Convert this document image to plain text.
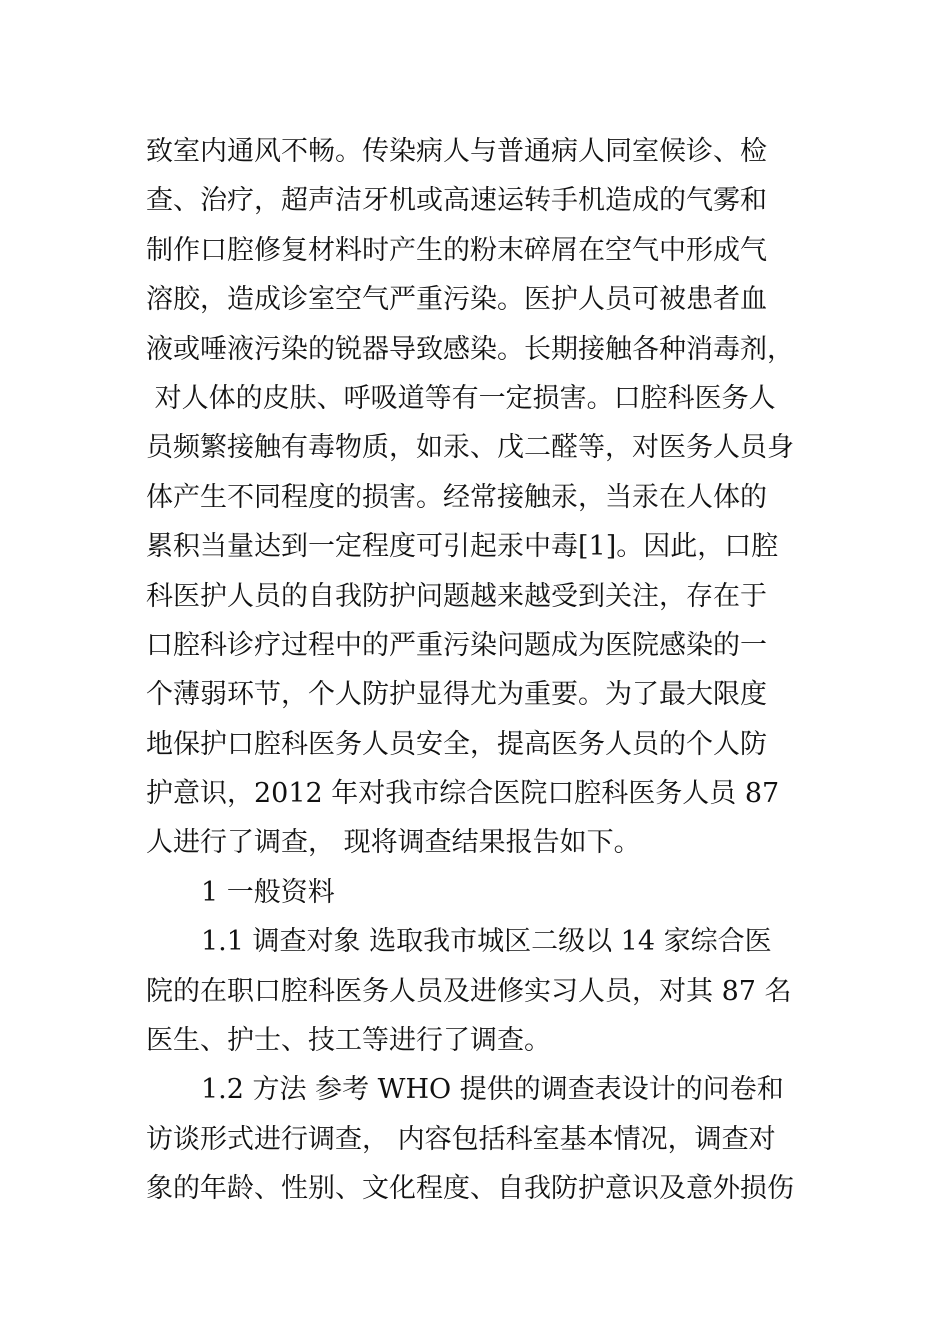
致室内通风不畅。传染病人与普通病人同室候诊、检
查、治疗，超声洁牙机或高速运转手机造成的气雾和
制作口腔修复材料时产生的粉末碎屑在空气中形成气
溶胶，造成诊室空气严重污染。医护人员可被患者血
液或唾液污染的锐器导致感染。长期接触各种消毒剂，
对人体的皮肤、呼吸道等有一定损害。口腔科医务人
员频繁接触有毒物质，如汞、戊二醛等，对医务人员身
体产生不同程度的损害。经常接触汞，当汞在人体的
累积当量达到一定程度可引起汞中毒[1]。因此，口腔
科医护人员的自我防护问题越来越受到关注，存在于
口腔科诊疗过程中的严重污染问题成为医院感染的一
个薄弱环节，个人防护显得尤为重要。为了最大限度
地保护口腔科医务人员安全，提高医务人员的个人防
护意识，2012 年对我市综合医院口腔科医务人员 87
人进行了调查， 现将调查结果报告如下。
1 一般资料
1.1 调查对象 选取我市城区二级以 14 家综合医
院的在职口腔科医务人员及进修实习人员，对其 87 名
医生、护士、技工等进行了调查。
1.2 方法 参考 WHO 提供的调查表设计的问卷和
访谈形式进行调查， 内容包括科室基本情况，调查对
象的年龄、性别、文化程度、自我防护意识及意外损伤
